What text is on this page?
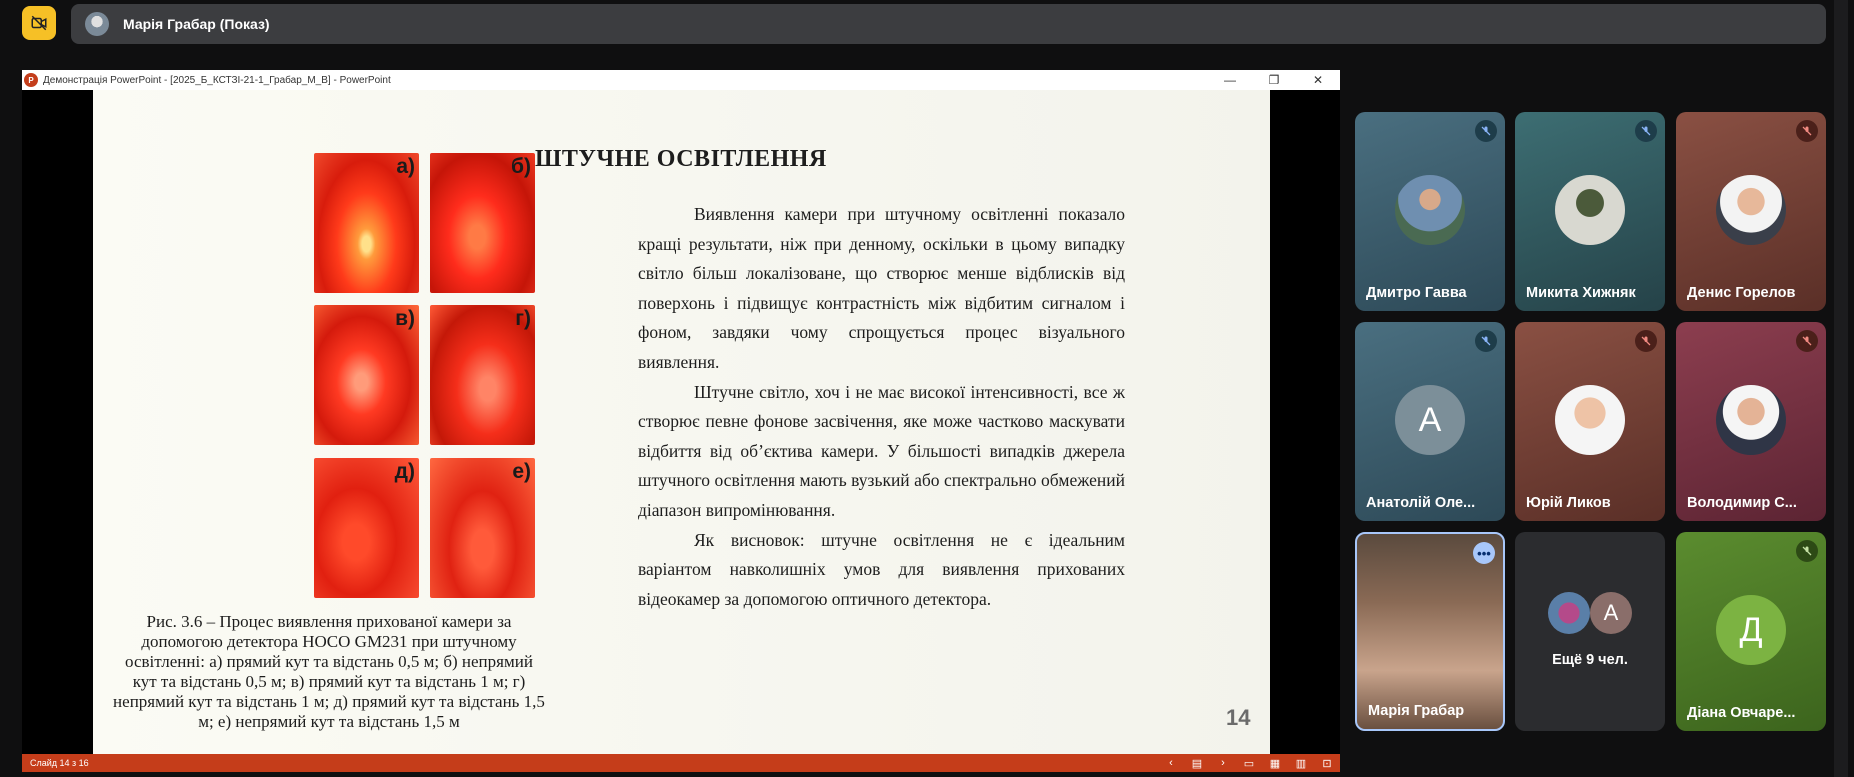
Марія Грабар (Показ)
P Демонстрація PowerPoint - [2025_Б_КСТЗІ-21-1_Грабар_М_В] - PowerPoint	—	❐	✕
а)	б)
в)	г)
д)	е)
ШТУЧНЕ ОСВІТЛЕННЯ

Виявлення камери при штучному освітленні показало кращі результати, ніж при денному, оскільки в цьому випадку світло більш локалізоване, що створює менше відблисків від поверхонь і підвищує контрастність між відбитим сигналом і фоном, завдяки чому спрощується процес візуального виявлення.

Штучне світло, хоч і не має високої інтенсивності, все ж створює певне фонове засвічення, яке може частково маскувати відбиття від об’єктива камери. У більшості випадків джерела штучного освітлення мають вузький або спектрально обмежений діапазон випромінювання.

Як висновок: штучне освітлення не є ідеальним варіантом навколишніх умов для виявлення прихованих відеокамер за допомогою оптичного детектора.

Рис. 3.6 – Процес виявлення прихованої камери за допомогою детектора HOCO GM231 при штучному освітленні: а) прямий кут та відстань 0,5 м; б) непрямий кут та відстань 0,5 м; в) прямий кут та відстань 1 м; г) непрямий кут та відстань 1 м; д) прямий кут та відстань 1,5 м; е) непрямий кут та відстань 1,5 м	14
Слайд 14 з 16	‹	▤	›	▭	▦	▥	⊡
Дмитро Гавва	Микита Хижняк	Денис Горелов
А
Анатолій Оле...	Юрій Ликов	Володимир С...
•••
Марія Грабар
А
Ещё 9 чел.
Д
Діана Овчаре...
